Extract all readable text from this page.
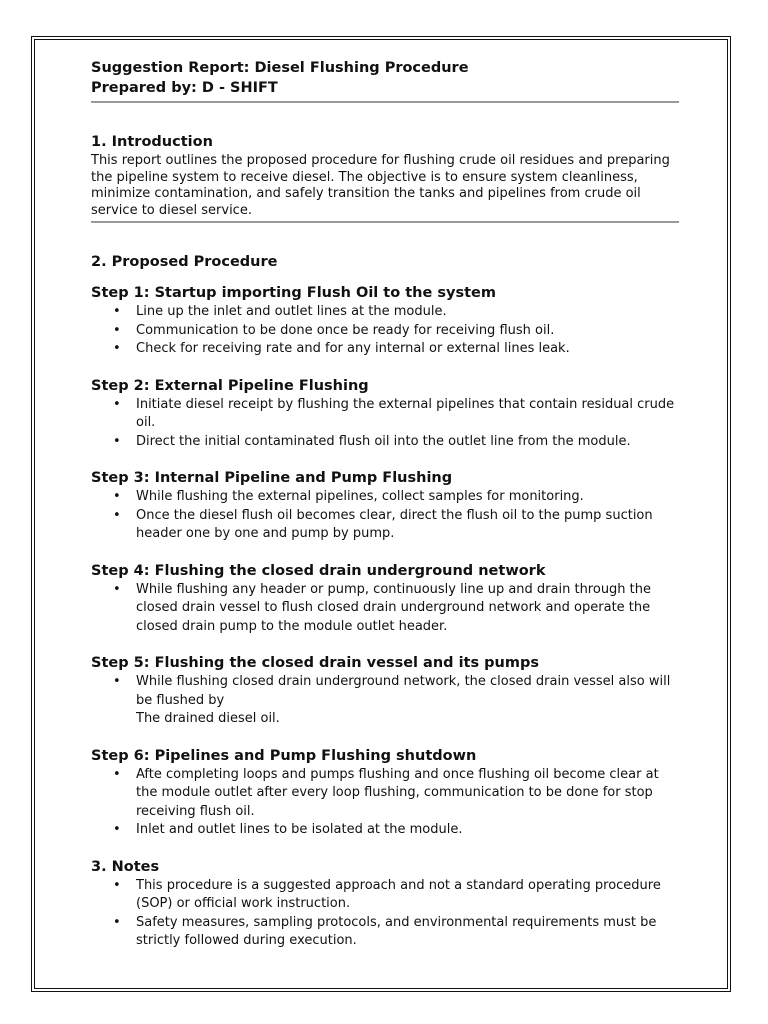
Suggestion Report: Diesel Flushing Procedure
Prepared by: D - SHIFT
1. Introduction

This report outlines the proposed procedure for flushing crude oil residues and preparing the pipeline system to receive diesel. The objective is to ensure system cleanliness, minimize contamination, and safely transition the tanks and pipelines from crude oil service to diesel service.

2. Proposed Procedure
Step 1: Startup importing Flush Oil to the system
• Line up the inlet and outlet lines at the module.
• Communication to be done once be ready for receiving flush oil.
• Check for receiving rate and for any internal or external lines leak.
Step 2: External Pipeline Flushing
• Initiate diesel receipt by flushing the external pipelines that contain residual crude oil.
• Direct the initial contaminated flush oil into the outlet line from the module.
Step 3: Internal Pipeline and Pump Flushing
• While flushing the external pipelines, collect samples for monitoring.
• Once the diesel flush oil becomes clear, direct the flush oil to the pump suction header one by one and pump by pump.
Step 4: Flushing the closed drain underground network
• While flushing any header or pump, continuously line up and drain through the closed drain vessel to flush closed drain underground network and operate the closed drain pump to the module outlet header.
Step 5: Flushing the closed drain vessel and its pumps
• While flushing closed drain underground network, the closed drain vessel also will be flushed by
The drained diesel oil.
Step 6: Pipelines and Pump Flushing shutdown
• Afte completing loops and pumps flushing and once flushing oil become clear at the module outlet after every loop flushing, communication to be done for stop receiving flush oil.
• Inlet and outlet lines to be isolated at the module.
3. Notes
• This procedure is a suggested approach and not a standard operating procedure (SOP) or official work instruction.
• Safety measures, sampling protocols, and environmental requirements must be strictly followed during execution.
